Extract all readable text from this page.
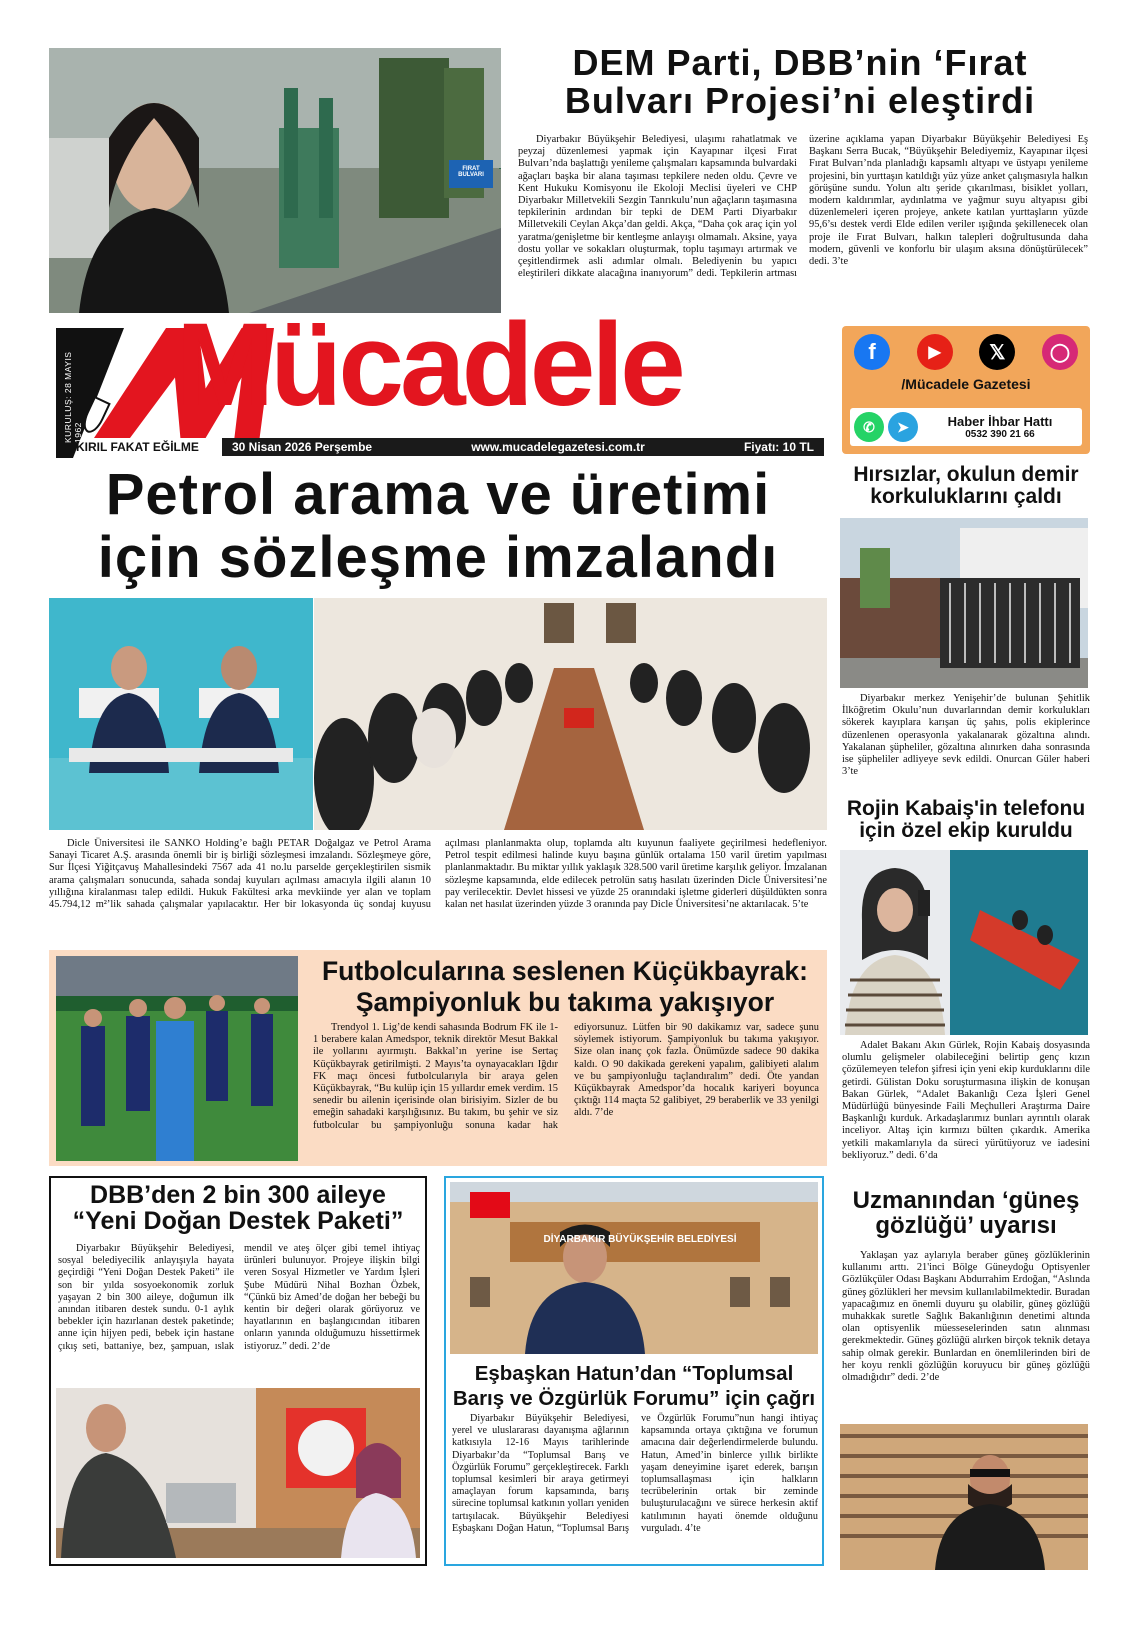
FIRAT BULVARI
DEM Parti, DBB’nin ‘Fırat
Bulvarı Projesi’ni eleştirdi

Diyarbakır Büyükşehir Belediyesi, ulaşımı rahatlatmak ve peyzaj düzenlemesi yapmak için Kayapınar ilçesi Fırat Bulvarı’nda başlattığı yenileme çalışmaları kapsamında bulvardaki ağaçları başka bir alana taşıması tepkilere neden oldu. Çevre ve Kent Hukuku Komisyonu ile Ekoloji Meclisi üyeleri ve CHP Diyarbakır Milletvekili Sezgin Tanrıkulu’nun ağaçların taşımasına tepkilerinin ardından bir tepki de DEM Parti Diyarbakır Milletvekili Ceylan Akça’dan geldi. Akça, “Daha çok araç için yol yaratma/genişletme bir kentleşme anlayışı olmamalı. Aksine, yaya dostu yollar ve sokakları oluşturmak, toplu taşımayı artırmak ve çeşitlendirmek asli adımlar olmalı. Belediyenin bu yapıcı eleştirileri dikkate alacağına inanıyorum” dedi. Tepkilerin artması üzerine açıklama yapan Diyarbakır Büyükşehir Belediyesi Eş Başkanı Serra Bucak, “Büyükşehir Belediyemiz, Kayapınar ilçesi Fırat Bulvarı’nda planladığı kapsamlı altyapı ve üstyapı yenileme projesini, bin yurttaşın katıldığı yüz yüze anket çalışmasıyla halkın görüşüne sundu. Yolun altı şeride çıkarılması, bisiklet yolları, modern kaldırımlar, aydınlatma ve yağmur suyu altyapısı gibi düzenlemeleri içeren projeye, ankete katılan yurttaşların yüzde 95,6’sı destek verdi Elde edilen veriler ışığında şekillenecek olan proje ile Fırat Bulvarı, halkın talepleri doğrultusunda daha modern, güvenli ve konforlu bir ulaşım aksına dönüştürülecek” dedi. 3’te

KURULUŞ: 28 MAYIS 1962
Mücadele
KIRIL FAKAT EĞİLME	30 Nisan 2026 Perşembe	www.mucadelegazetesi.com.tr	Fiyatı: 10 TL
f	▶	𝕏	◯
/Mücadele Gazetesi
✆	➤	Haber İhbar Hattı
0532 390 21 66
Petrol arama ve üretimi
için sözleşme imzalandı

Dicle Üniversitesi ile SANKO Holding’e bağlı PETAR Doğalgaz ve Petrol Arama Sanayi Ticaret A.Ş. arasında önemli bir iş birliği sözleşmesi imzalandı. Sözleşmeye göre, Sur İlçesi Yiğitçavuş Mahallesindeki 7567 ada 41 no.lu parselde gerçekleştirilen sismik arama çalışmaları sonucunda, sahada sondaj kuyuları açılması amacıyla ilgili alanın 10 yıllığına kiralanması talep edildi. Hukuk Fakültesi arka mevkiinde yer alan ve toplam 45.794,12 m²’lik sahada çalışmalar yapılacaktır. Her bir lokasyonda üç sondaj kuyusu açılması planlanmakta olup, toplamda altı kuyunun faaliyete geçirilmesi hedefleniyor. Petrol tespit edilmesi halinde kuyu başına günlük ortalama 150 varil üretim yapılması planlanmaktadır. Bu miktar yıllık yaklaşık 328.500 varil üretime karşılık geliyor. İmzalanan sözleşme kapsamında, elde edilecek petrolün satış hasılatı üzerinden Dicle Üniversitesi’ne pay verilecektir. Devlet hissesi ve yüzde 25 oranındaki işletme giderleri düşüldükten sonra kalan net hasılat üzerinden yüzde 3 oranında pay Dicle Üniversitesi’ne aktarılacak. 5’te

Hırsızlar, okulun demir
korkuluklarını çaldı

Diyarbakır merkez Yenişehir’de bulunan Şehitlik İlköğretim Okulu’nun duvarlarından demir korkulukları sökerek kayıplara karışan üç şahıs, polis ekiplerince düzenlenen operasyonla yakalanarak gözaltına alındı. Yakalanan şüpheliler, gözaltına alınırken daha sonrasında ise şüpheliler adliyeye sevk edildi. Onurcan Güler haberi 3’te

Rojin Kabaiş'in telefonu
için özel ekip kuruldu

Adalet Bakanı Akın Gürlek, Rojin Kabaiş dosyasında olumlu gelişmeler olabileceğini belirtip genç kızın çözülemeyen telefon şifresi için yeni ekip kurduklarını dile getirdi. Gülistan Doku soruşturmasına ilişkin de konuşan Bakan Gürlek, “Adalet Bakanlığı Ceza İşleri Genel Müdürlüğü bünyesinde Faili Meçhulleri Araştırma Daire Başkanlığı kurduk. Arkadaşlarımız bunları ayrıntılı olarak inceliyor. Altaş için kırmızı bülten çıkardık. Amerika yetkili makamlarıyla da süreci yürütüyoruz ve iadesini bekliyoruz.” dedi. 6’da

Futbolcularına seslenen Küçükbayrak:
Şampiyonluk bu takıma yakışıyor

Trendyol 1. Lig’de kendi sahasında Bodrum FK ile 1-1 berabere kalan Amedspor, teknik direktör Mesut Bakkal ile yollarını ayırmıştı. Bakkal’ın yerine ise Sertaç Küçükbayrak getirilmişti. 2 Mayıs’ta oynayacakları Iğdır FK maçı öncesi futbolcularıyla bir araya gelen Küçükbayrak, “Bu kulüp için 15 yıllardır emek verdim. 15 senedir bu ailenin içerisinde olan birisiyim. Sizler de bu emeğin sahadaki karşılığısınız. Bu takım, bu şehir ve siz futbolcular bu şampiyonluğu sonuna kadar hak ediyorsunuz. Lütfen bir 90 dakikamız var, sadece şunu söylemek istiyorum. Şampiyonluk bu takıma yakışıyor. Size olan inanç çok fazla. Önümüzde sadece 90 dakika kaldı. O 90 dakikada gerekeni yapalım, galibiyeti alalım ve bu şampiyonluğu taçlandıralım” dedi. Öte yandan Küçükbayrak Amedspor’da hocalık kariyeri boyunca çıktığı 114 maçta 52 galibiyet, 29 beraberlik ve 33 yenilgi aldı. 7’de

DBB’den 2 bin 300 aileye
“Yeni Doğan Destek Paketi”

Diyarbakır Büyükşehir Belediyesi, sosyal belediyecilik anlayışıyla hayata geçirdiği “Yeni Doğan Destek Paketi” ile son bir yılda sosyoekonomik zorluk yaşayan 2 bin 300 aileye, doğumun ilk anından itibaren destek sundu. 0-1 aylık bebekler için hazırlanan destek paketinde; anne için hijyen pedi, bebek için hastane çıkış seti, battaniye, bez, şampuan, ıslak mendil ve ateş ölçer gibi temel ihtiyaç ürünleri bulunuyor. Projeye ilişkin bilgi veren Sosyal Hizmetler ve Yardım İşleri Şube Müdürü Nihal Bozhan Özbek, “Çünkü biz Amed’de doğan her bebeği bu kentin bir değeri olarak görüyoruz ve hayatlarının en başlangıcından itibaren onların yanında olduğumuzu hissettirmek istiyoruz.” dedi. 2’de

DİYARBAKIR BÜYÜKŞEHİR BELEDİYESİ
Eşbaşkan Hatun’dan “Toplumsal
Barış ve Özgürlük Forumu” için çağrı

Diyarbakır Büyükşehir Belediyesi, yerel ve uluslararası dayanışma ağlarının katkısıyla 12-16 Mayıs tarihlerinde Diyarbakır’da “Toplumsal Barış ve Özgürlük Forumu” gerçekleştirecek. Farklı toplumsal kesimleri bir araya getirmeyi amaçlayan forum kapsamında, barış sürecine toplumsal katkının yolları yeniden tartışılacak. Büyükşehir Belediyesi Eşbaşkanı Doğan Hatun, “Toplumsal Barış ve Özgürlük Forumu”nun hangi ihtiyaç kapsamında ortaya çıktığına ve forumun amacına dair değerlendirmelerde bulundu. Hatun, Amed’in binlerce yıllık birlikte yaşam deneyimine işaret ederek, barışın toplumsallaşması için halkların tecrübelerinin ortak bir zeminde buluşturulacağını ve sürece herkesin aktif katılımının hayati önemde olduğunu vurguladı. 4’te

Uzmanından ‘güneş
gözlüğü’ uyarısı

Yaklaşan yaz aylarıyla beraber güneş gözlüklerinin kullanımı arttı. 21'inci Bölge Güneydoğu Optisyenler Gözlükçüler Odası Başkanı Abdurrahim Erdoğan, “Aslında güneş gözlükleri her mevsim kullanılabilmektedir. Buradan yapacağımız en önemli duyuru şu olabilir, güneş gözlüğü muhakkak suretle Sağlık Bakanlığının denetimi altında olan optisyenlik müesseselerinden satın alınması gerekmektedir. Güneş gözlüğü alırken birçok teknik detaya sahip olmak gerekir. Bunlardan en önemlilerinden biri de her koyu renkli gözlüğün koruyucu bir güneş gözlüğü olmadığıdır” dedi. 2’de
